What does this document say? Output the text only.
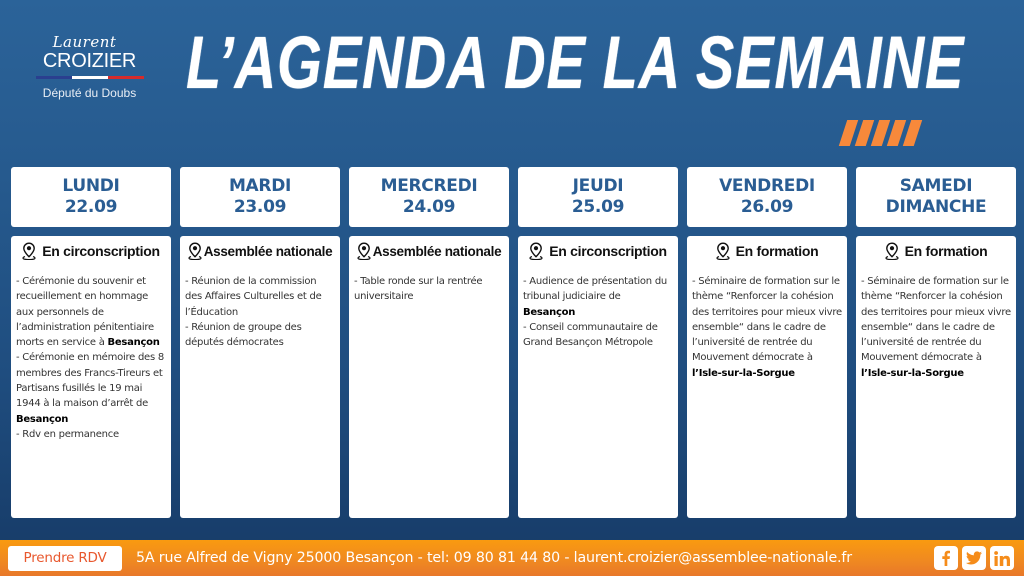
Laurent
CROIZIER
Député du Doubs L’AGENDA DE LA SEMAINE
LUNDI
22.09
En circonscription

- Cérémonie du souvenir et recueillement en hommage aux personnels de l’administration pénitentiaire morts en service à Besançon

- Cérémonie en mémoire des 8 membres des Francs-Tireurs et Partisans fusillés le 19 mai 1944 à la maison d’arrêt de Besançon

- Rdv en permanence

MARDI
23.09
Assemblée nationale

- Réunion de la commission des Affaires Culturelles et de l’Éducation

- Réunion de groupe des députés démocrates

MERCREDI
24.09
Assemblée nationale

- Table ronde sur la rentrée universitaire

JEUDI
25.09
En circonscription

- Audience de présentation du tribunal judiciaire de Besançon

- Conseil communautaire de Grand Besançon Métropole

VENDREDI
26.09
En formation

- Séminaire de formation sur le thème “Renforcer la cohésion des territoires pour mieux vivre ensemble“ dans le cadre de l’université de rentrée du Mouvement démocrate à l’Isle-sur-la-Sorgue

SAMEDI
DIMANCHE
En formation

- Séminaire de formation sur le thème “Renforcer la cohésion des territoires pour mieux vivre ensemble“ dans le cadre de l’université de rentrée du Mouvement démocrate à l’Isle-sur-la-Sorgue

Prendre RDV	5A rue Alfred de Vigny 25000 Besançon - tel: 09 80 81 44 80 - laurent.croizier@assemblee-nationale.fr
